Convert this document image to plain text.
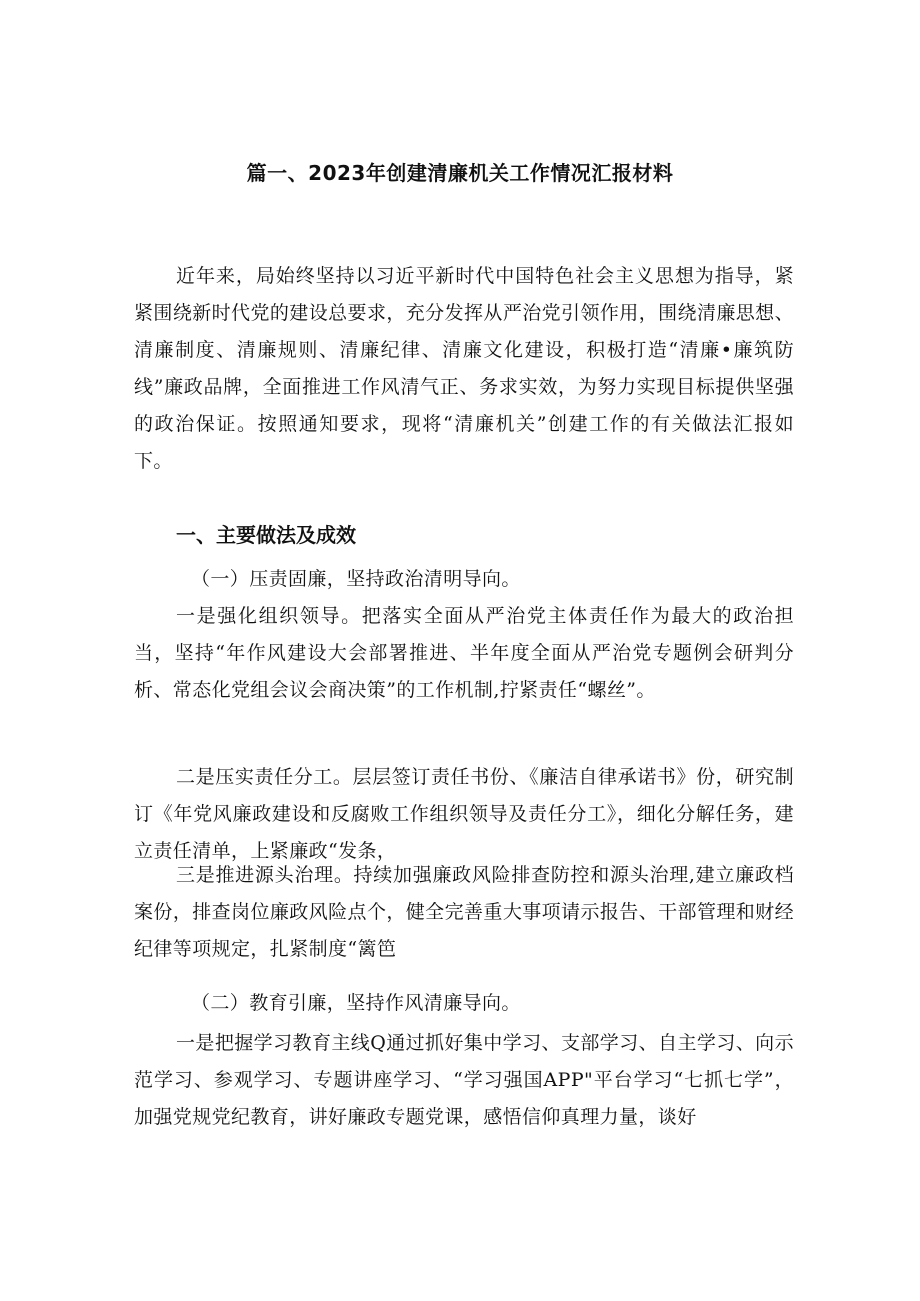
篇一、2023年创建清廉机关工作情况汇报材料
近年来，局始终坚持以习近平新时代中国特色社会主义思想为指导，紧紧围绕新时代党的建设总要求，充分发挥从严治党引领作用，围绕清廉思想、清廉制度、清廉规则、清廉纪律、清廉文化建设，积极打造“清廉•廉筑防线”廉政品牌，全面推进工作风清气正、务求实效，为努力实现目标提供坚强的政治保证。按照通知要求，现将“清廉机关”创建工作的有关做法汇报如下。
一、主要做法及成效
（一）压责固廉，坚持政治清明导向。
一是强化组织领导。把落实全面从严治党主体责任作为最大的政治担当，坚持“年作风建设大会部署推进、半年度全面从严治党专题例会研判分析、常态化党组会议会商决策”的工作机制,拧紧责任“螺丝”。
二是压实责任分工。层层签订责任书份、《廉洁自律承诺书》份，研究制订《年党风廉政建设和反腐败工作组织领导及责任分工》，细化分解任务，建立责任清单，上紧廉政“发条，
三是推进源头治理。持续加强廉政风险排查防控和源头治理,建立廉政档案份，排查岗位廉政风险点个，健全完善重大事项请示报告、干部管理和财经纪律等项规定，扎紧制度“篱笆
（二）教育引廉，坚持作风清廉导向。
一是把握学习教育主线Q通过抓好集中学习、支部学习、自主学习、向示范学习、参观学习、专题讲座学习、“学习强国APP"平台学习“七抓七学”，加强党规党纪教育，讲好廉政专题党课，感悟信仰真理力量，谈好
